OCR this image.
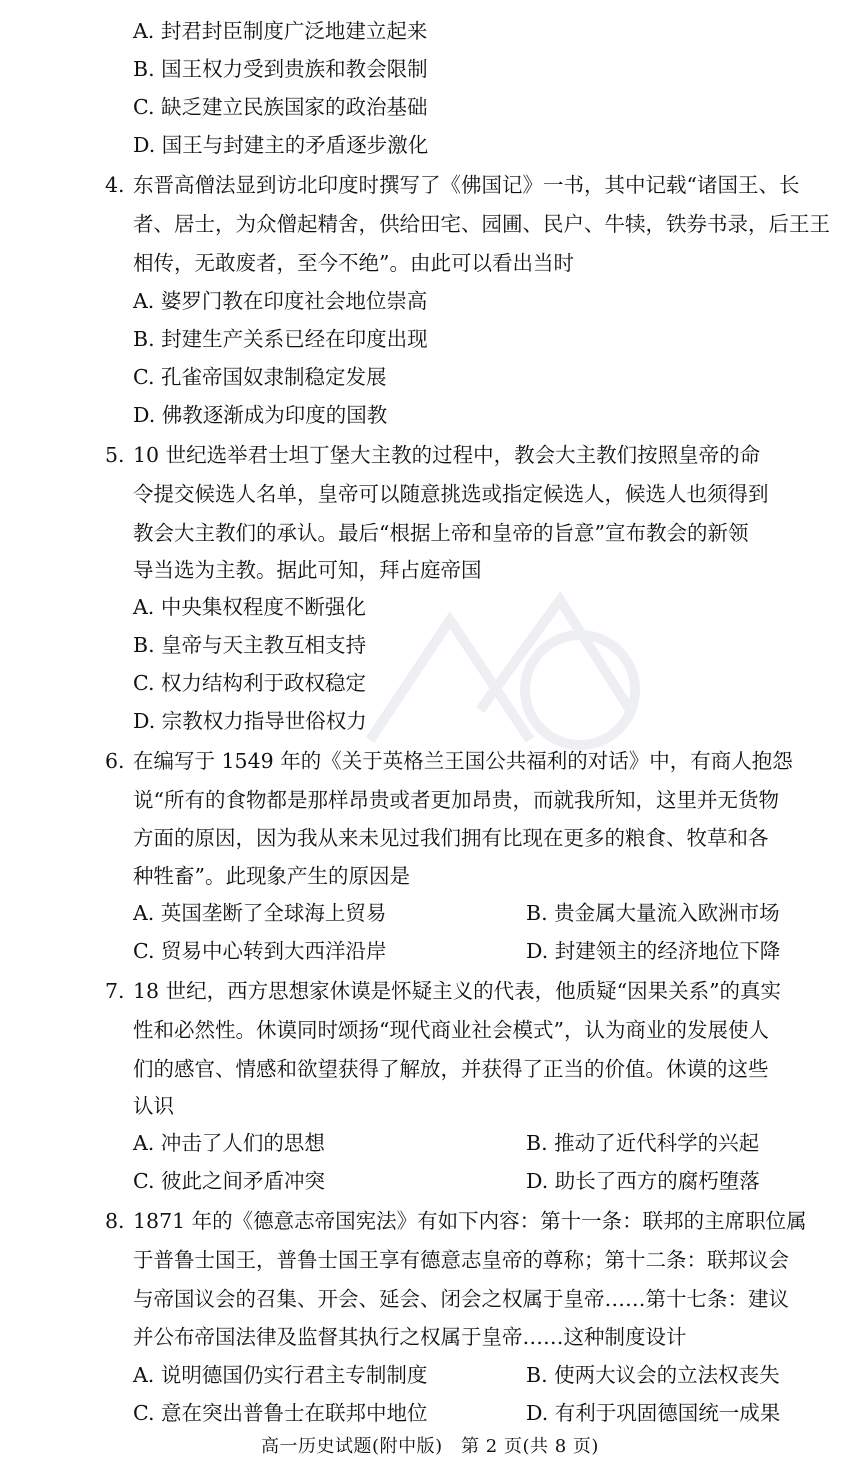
A. 封君封臣制度广泛地建立起来
B. 国王权力受到贵族和教会限制
C. 缺乏建立民族国家的政治基础
D. 国王与封建主的矛盾逐步激化
4. 东晋高僧法显到访北印度时撰写了《佛国记》一书，其中记载“诸国王、长
者、居士，为众僧起精舍，供给田宅、园圃、民户、牛犊，铁券书录，后王王
相传，无敢废者，至今不绝”。由此可以看出当时
A. 婆罗门教在印度社会地位崇高
B. 封建生产关系已经在印度出现
C. 孔雀帝国奴隶制稳定发展
D. 佛教逐渐成为印度的国教
5. 10 世纪选举君士坦丁堡大主教的过程中，教会大主教们按照皇帝的命
令提交候选人名单，皇帝可以随意挑选或指定候选人，候选人也须得到
教会大主教们的承认。最后“根据上帝和皇帝的旨意”宣布教会的新领
导当选为主教。据此可知，拜占庭帝国
A. 中央集权程度不断强化
B. 皇帝与天主教互相支持
C. 权力结构利于政权稳定
D. 宗教权力指导世俗权力
6. 在编写于 1549 年的《关于英格兰王国公共福利的对话》中，有商人抱怨
说“所有的食物都是那样昂贵或者更加昂贵，而就我所知，这里并无货物
方面的原因，因为我从来未见过我们拥有比现在更多的粮食、牧草和各
种牲畜”。此现象产生的原因是
A. 英国垄断了全球海上贸易	B. 贵金属大量流入欧洲市场
C. 贸易中心转到大西洋沿岸	D. 封建领主的经济地位下降
7. 18 世纪，西方思想家休谟是怀疑主义的代表，他质疑“因果关系”的真实
性和必然性。休谟同时颂扬“现代商业社会模式”，认为商业的发展使人
们的感官、情感和欲望获得了解放，并获得了正当的价值。休谟的这些
认识
A. 冲击了人们的思想	B. 推动了近代科学的兴起
C. 彼此之间矛盾冲突	D. 助长了西方的腐朽堕落
8. 1871 年的《德意志帝国宪法》有如下内容：第十一条：联邦的主席职位属
于普鲁士国王，普鲁士国王享有德意志皇帝的尊称；第十二条：联邦议会
与帝国议会的召集、开会、延会、闭会之权属于皇帝……第十七条：建议
并公布帝国法律及监督其执行之权属于皇帝……这种制度设计
A. 说明德国仍实行君主专制制度	B. 使两大议会的立法权丧失
C. 意在突出普鲁士在联邦中地位	D. 有利于巩固德国统一成果
高一历史试题(附中版)　第 2 页(共 8 页)
